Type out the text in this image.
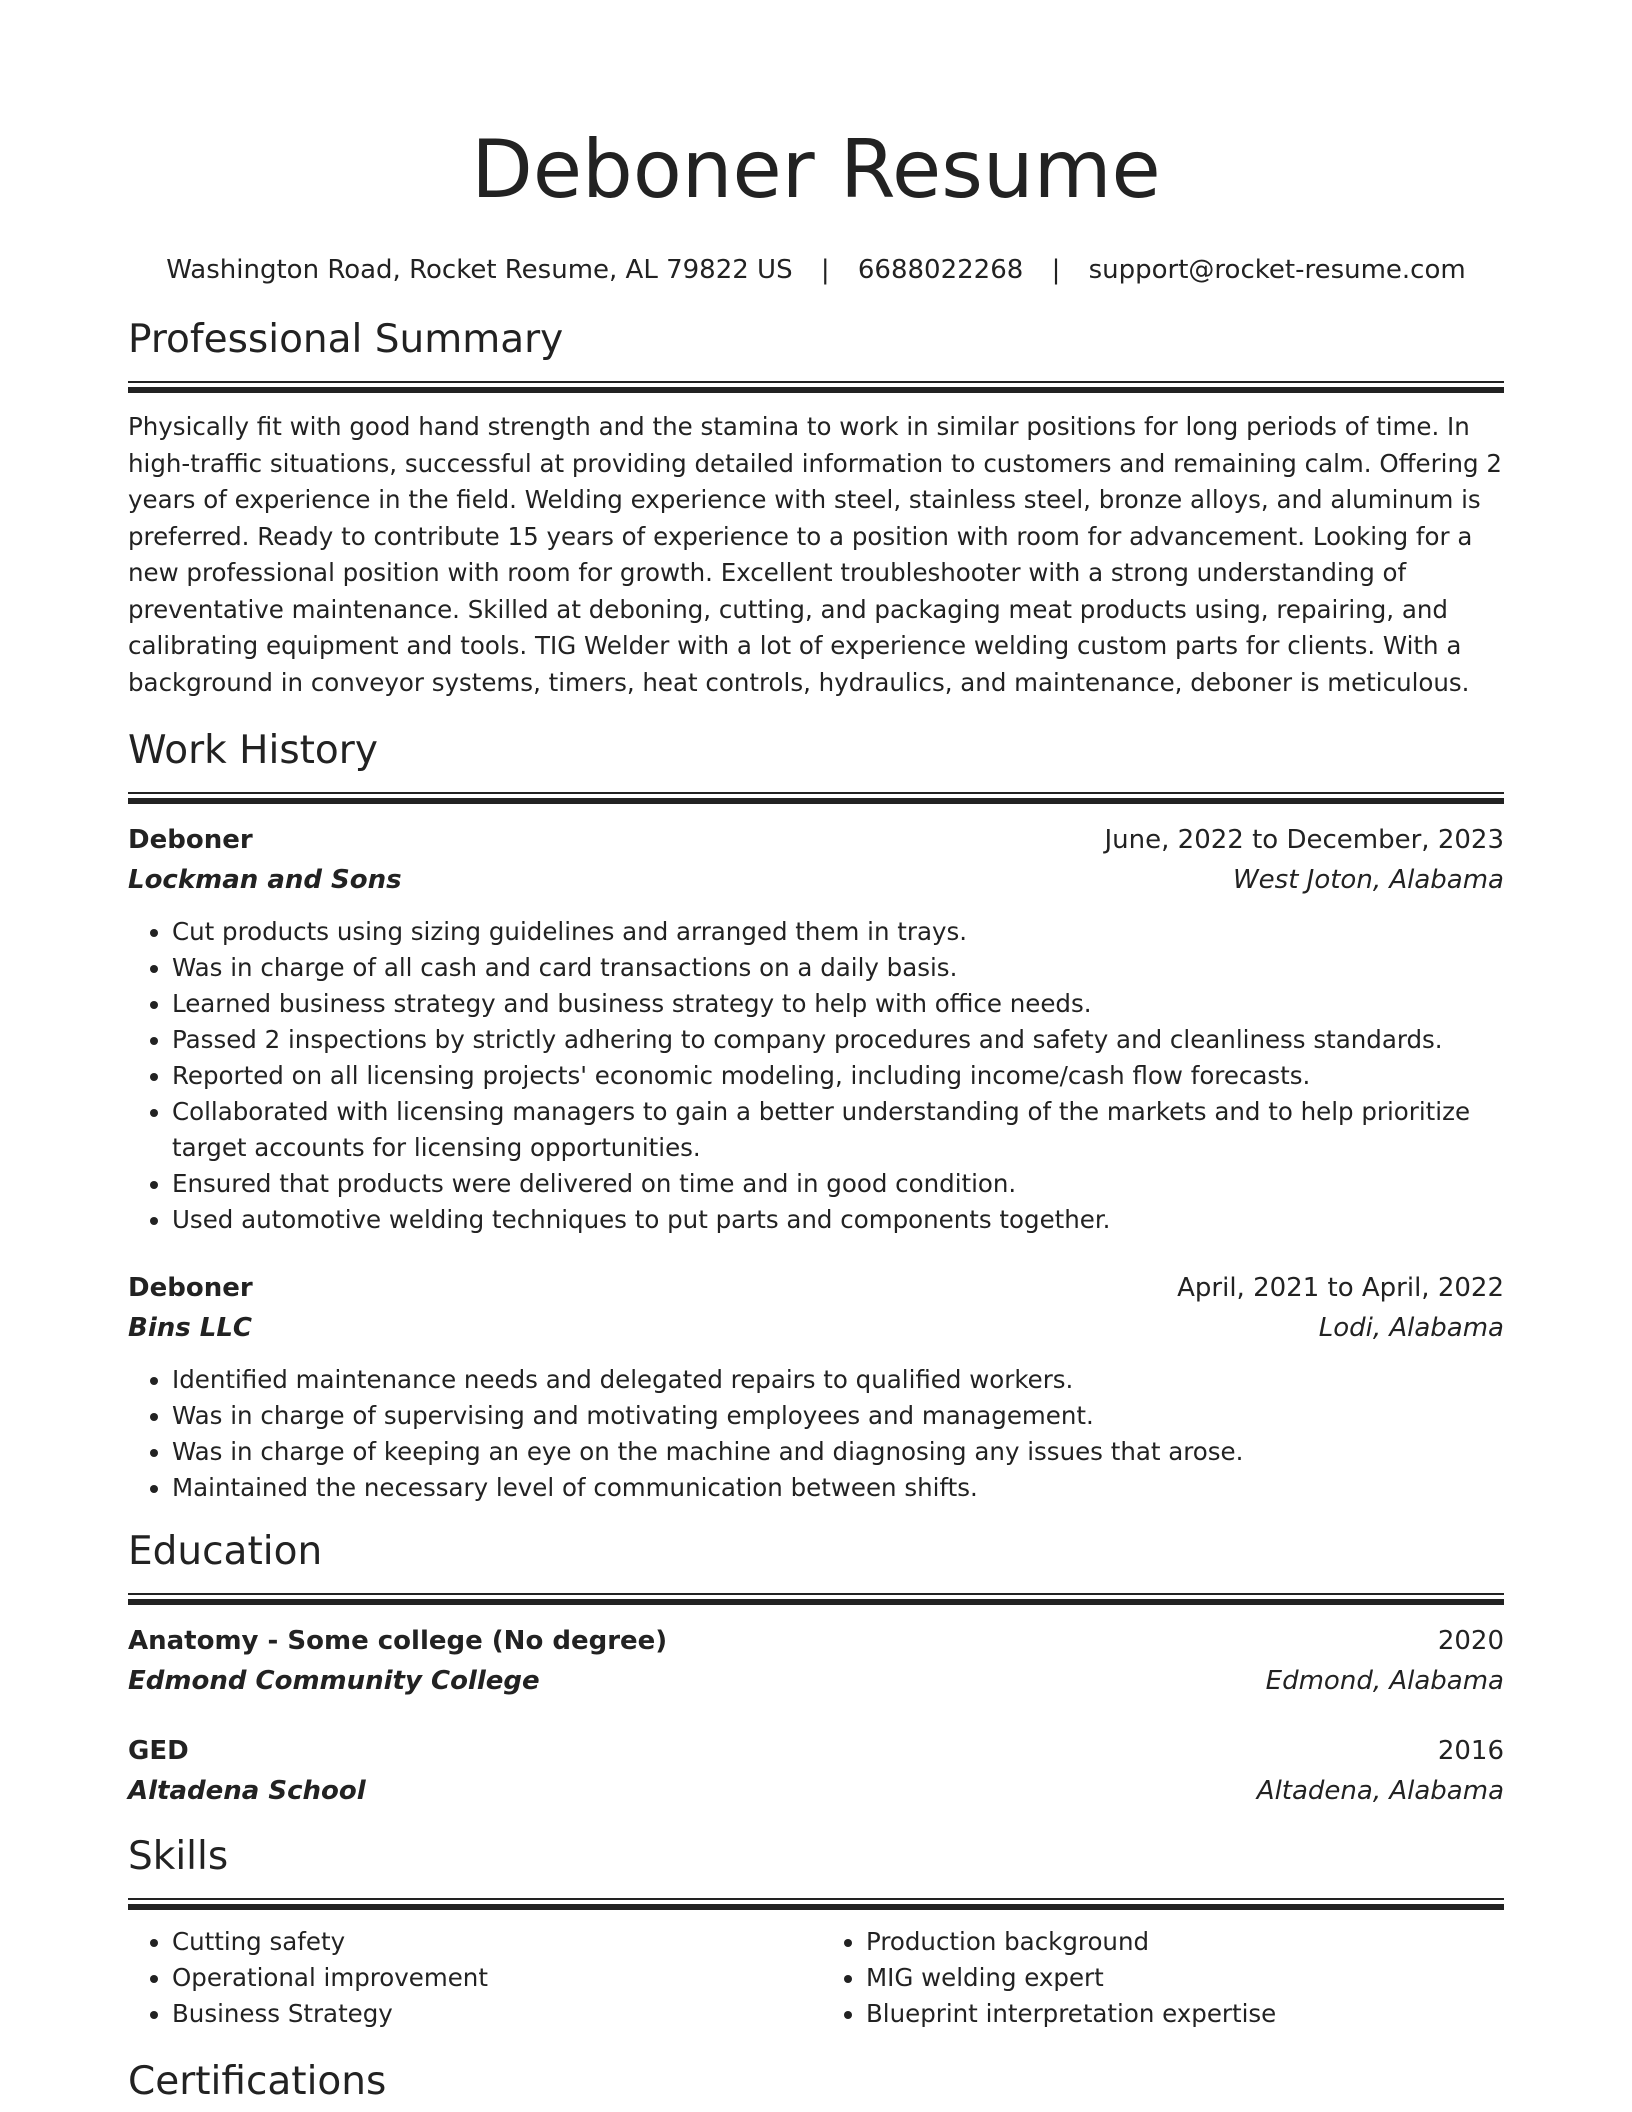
Deboner Resume
Washington Road, Rocket Resume, AL 79822 US | 6688022268 | support@rocket-resume.com
Professional Summary
Physically fit with good hand strength and the stamina to work in similar positions for long periods of time. In high-traffic situations, successful at providing detailed information to customers and remaining calm. Offering 2 years of experience in the field. Welding experience with steel, stainless steel, bronze alloys, and aluminum is preferred. Ready to contribute 15 years of experience to a position with room for advancement. Looking for a new professional position with room for growth. Excellent troubleshooter with a strong understanding of preventative maintenance. Skilled at deboning, cutting, and packaging meat products using, repairing, and calibrating equipment and tools. TIG Welder with a lot of experience welding custom parts for clients. With a background in conveyor systems, timers, heat controls, hydraulics, and maintenance, deboner is meticulous.
Work History
Deboner	June, 2022 to December, 2023
Lockman and Sons	West Joton, Alabama
• Cut products using sizing guidelines and arranged them in trays.
• Was in charge of all cash and card transactions on a daily basis.
• Learned business strategy and business strategy to help with office needs.
• Passed 2 inspections by strictly adhering to company procedures and safety and cleanliness standards.
• Reported on all licensing projects' economic modeling, including income/cash flow forecasts.
• Collaborated with licensing managers to gain a better understanding of the markets and to help prioritize target accounts for licensing opportunities.
• Ensured that products were delivered on time and in good condition.
• Used automotive welding techniques to put parts and components together.
Deboner	April, 2021 to April, 2022
Bins LLC	Lodi, Alabama
• Identified maintenance needs and delegated repairs to qualified workers.
• Was in charge of supervising and motivating employees and management.
• Was in charge of keeping an eye on the machine and diagnosing any issues that arose.
• Maintained the necessary level of communication between shifts.
Education
Anatomy - Some college (No degree)	2020
Edmond Community College	Edmond, Alabama
GED	2016
Altadena School	Altadena, Alabama
Skills
• Cutting safety
• Operational improvement
• Business Strategy
• Production background
• MIG welding expert
• Blueprint interpretation expertise
Certifications
